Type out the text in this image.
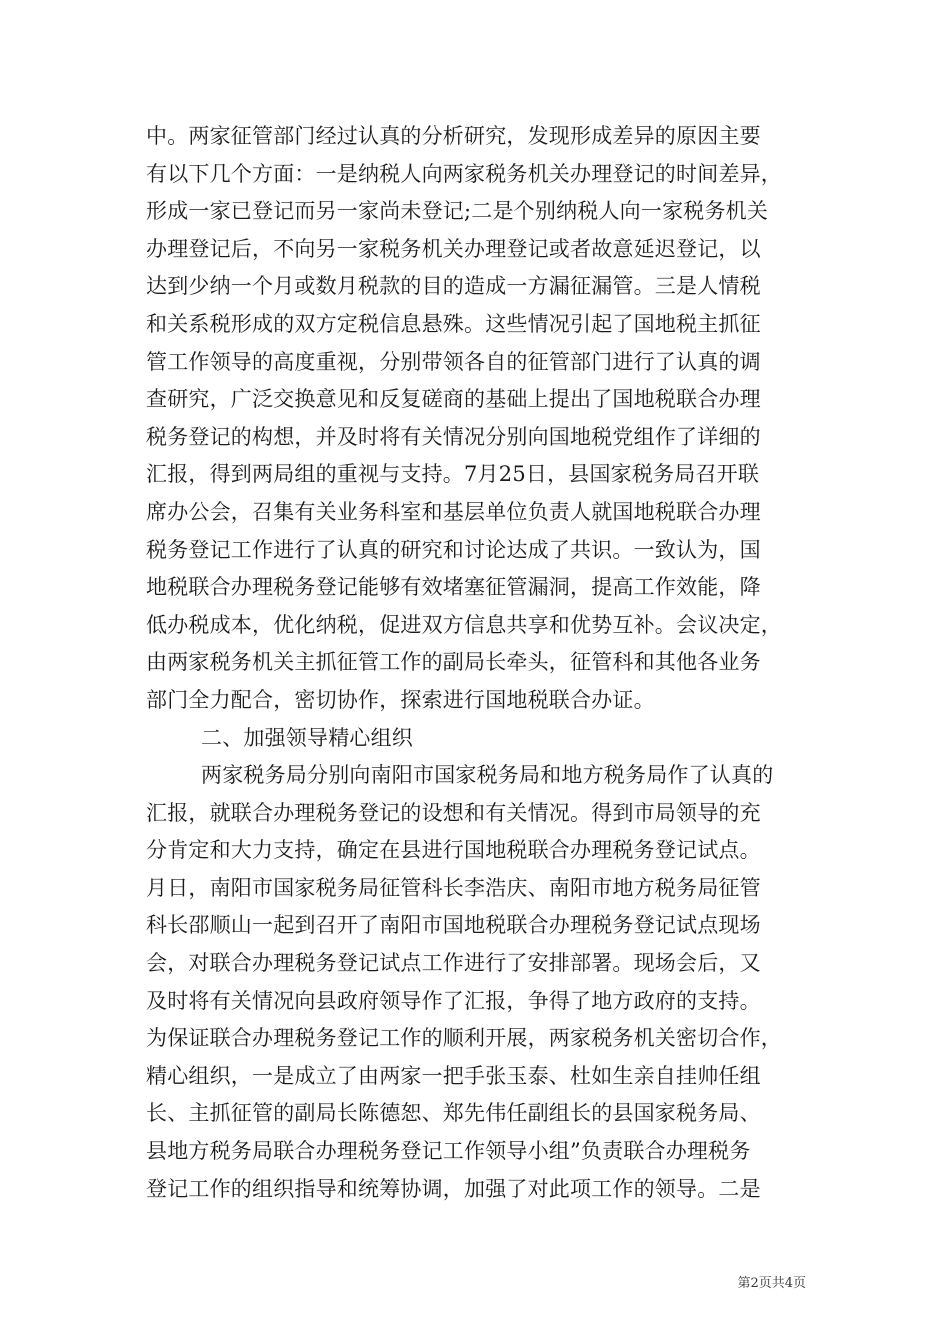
中。两家征管部门经过认真的分析研究，发现形成差异的原因主要
有以下几个方面：一是纳税人向两家税务机关办理登记的时间差异，
形成一家已登记而另一家尚未登记;二是个别纳税人向一家税务机关
办理登记后，不向另一家税务机关办理登记或者故意延迟登记，以
达到少纳一个月或数月税款的目的造成一方漏征漏管。三是人情税
和关系税形成的双方定税信息悬殊。这些情况引起了国地税主抓征
管工作领导的高度重视，分别带领各自的征管部门进行了认真的调
查研究，广泛交换意见和反复磋商的基础上提出了国地税联合办理
税务登记的构想，并及时将有关情况分别向国地税党组作了详细的
汇报，得到两局组的重视与支持。7月25日，县国家税务局召开联
席办公会，召集有关业务科室和基层单位负责人就国地税联合办理
税务登记工作进行了认真的研究和讨论达成了共识。一致认为，国
地税联合办理税务登记能够有效堵塞征管漏洞，提高工作效能，降
低办税成本，优化纳税，促进双方信息共享和优势互补。会议决定，
由两家税务机关主抓征管工作的副局长牵头，征管科和其他各业务
部门全力配合，密切协作，探索进行国地税联合办证。
二、加强领导精心组织
两家税务局分别向南阳市国家税务局和地方税务局作了认真的
汇报，就联合办理税务登记的设想和有关情况。得到市局领导的充
分肯定和大力支持，确定在县进行国地税联合办理税务登记试点。
月日，南阳市国家税务局征管科长李浩庆、南阳市地方税务局征管
科长邵顺山一起到召开了南阳市国地税联合办理税务登记试点现场
会，对联合办理税务登记试点工作进行了安排部署。现场会后，又
及时将有关情况向县政府领导作了汇报，争得了地方政府的支持。
为保证联合办理税务登记工作的顺利开展，两家税务机关密切合作，
精心组织，一是成立了由两家一把手张玉泰、杜如生亲自挂帅任组
长、主抓征管的副局长陈德恕、郑先伟任副组长的县国家税务局、
县地方税务局联合办理税务登记工作领导小组”负责联合办理税务
登记工作的组织指导和统筹协调，加强了对此项工作的领导。二是
第2页共4页
